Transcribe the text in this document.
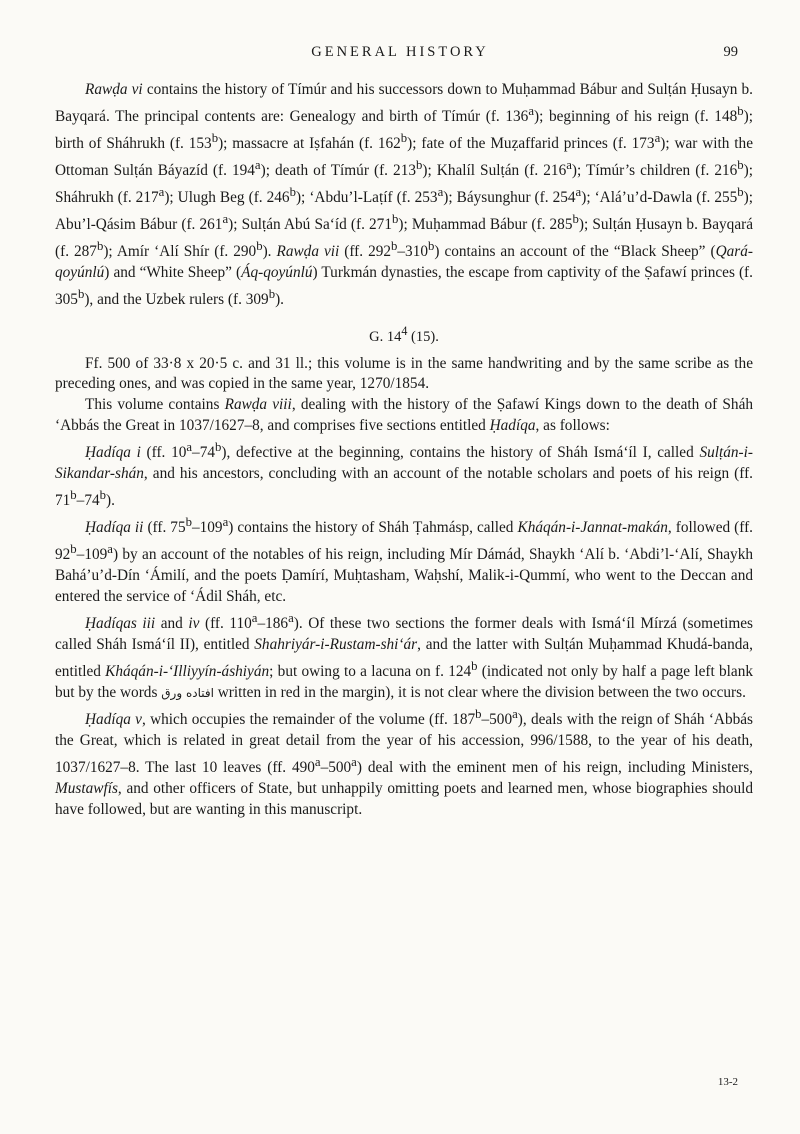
GENERAL HISTORY	99

Rawḍa vi contains the history of Tímúr and his successors down to Muḥammad Bábur and Sulṭán Ḥusayn b. Bayqará. The principal contents are: Genealogy and birth of Tímúr (f. 136$^a$); beginning of his reign (f. 148$^b$); birth of Sháhrukh (f. 153$^b$); massacre at Iṣfahán (f. 162$^b$); fate of the Muẓaffarid princes (f. 173$^a$); war with the Ottoman Sulṭán Báyazíd (f. 194$^a$); death of Tímúr (f. 213$^b$); Khalíl Sulṭán (f. 216$^a$); Tímúr’s children (f. 216$^b$); Sháhrukh (f. 217$^a$); Ulugh Beg (f. 246$^b$); ‘Abdu’l-Laṭíf (f. 253$^a$); Báysunghur (f. 254$^a$); ‘Alá’u’d-Dawla (f. 255$^b$); Abu’l-Qásim Bábur (f. 261$^a$); Sulṭán Abú Sa‘íd (f. 271$^b$); Muḥammad Bábur (f. 285$^b$); Sulṭán Ḥusayn b. Bayqará (f. 287$^b$); Amír ‘Alí Shír (f. 290$^b$). Rawḍa vii (ff. 292$^b$–310$^b$) contains an account of the “Black Sheep” (Qará-qoyúnlú) and “White Sheep” (Áq-qoyúnlú) Turkmán dynasties, the escape from captivity of the Ṣafawí princes (f. 305$^b$), and the Uzbek rulers (f. 309$^b$).

G. $14^4$ (15).

Ff. 500 of 33·8 x 20·5 c. and 31 ll.; this volume is in the same handwriting and by the same scribe as the preceding ones, and was copied in the same year, 1270/1854.

This volume contains Rawḍa viii, dealing with the history of the Ṣafawí Kings down to the death of Sháh ‘Abbás the Great in 1037/1627–8, and comprises five sections entitled Ḥadíqa, as follows:

Ḥadíqa i (ff. 10$^a$–74$^b$), defective at the beginning, contains the history of Sháh Ismá‘íl I, called Sulṭán-i-Sikandar-shán, and his ancestors, concluding with an account of the notable scholars and poets of his reign (ff. 71$^b$–74$^b$).

Ḥadíqa ii (ff. 75$^b$–109$^a$) contains the history of Sháh Ṭahmásp, called Kháqán-i-Jannat-makán, followed (ff. 92$^b$–109$^a$) by an account of the notables of his reign, including Mír Dámád, Shaykh ‘Alí b. ‘Abdi’l-‘Alí, Shaykh Bahá’u’d-Dín ‘Ámilí, and the poets Ḍamírí, Muḥtasham, Waḥshí, Malik-i-Qummí, who went to the Deccan and entered the service of ‘Ádil Sháh, etc.

Ḥadíqas iii and iv (ff. 110$^a$–186$^a$). Of these two sections the former deals with Ismá‘íl Mírzá (sometimes called Sháh Ismá‘íl II), entitled Shahriyár-i-Rustam-shi‘ár, and the latter with Sulṭán Muḥammad Khudá-banda, entitled Kháqán-i-‘Illiyyín-áshiyán; but owing to a lacuna on f. 124$^b$ (indicated not only by half a page left blank but by the words افتاده ورق written in red in the margin), it is not clear where the division between the two occurs.

Ḥadíqa v, which occupies the remainder of the volume (ff. 187$^b$–500$^a$), deals with the reign of Sháh ‘Abbás the Great, which is related in great detail from the year of his accession, 996/1588, to the year of his death, 1037/1627–8. The last 10 leaves (ff. 490$^a$–500$^a$) deal with the eminent men of his reign, including Ministers, Mustawfís, and other officers of State, but unhappily omitting poets and learned men, whose biographies should have followed, but are wanting in this manuscript.

13-2
